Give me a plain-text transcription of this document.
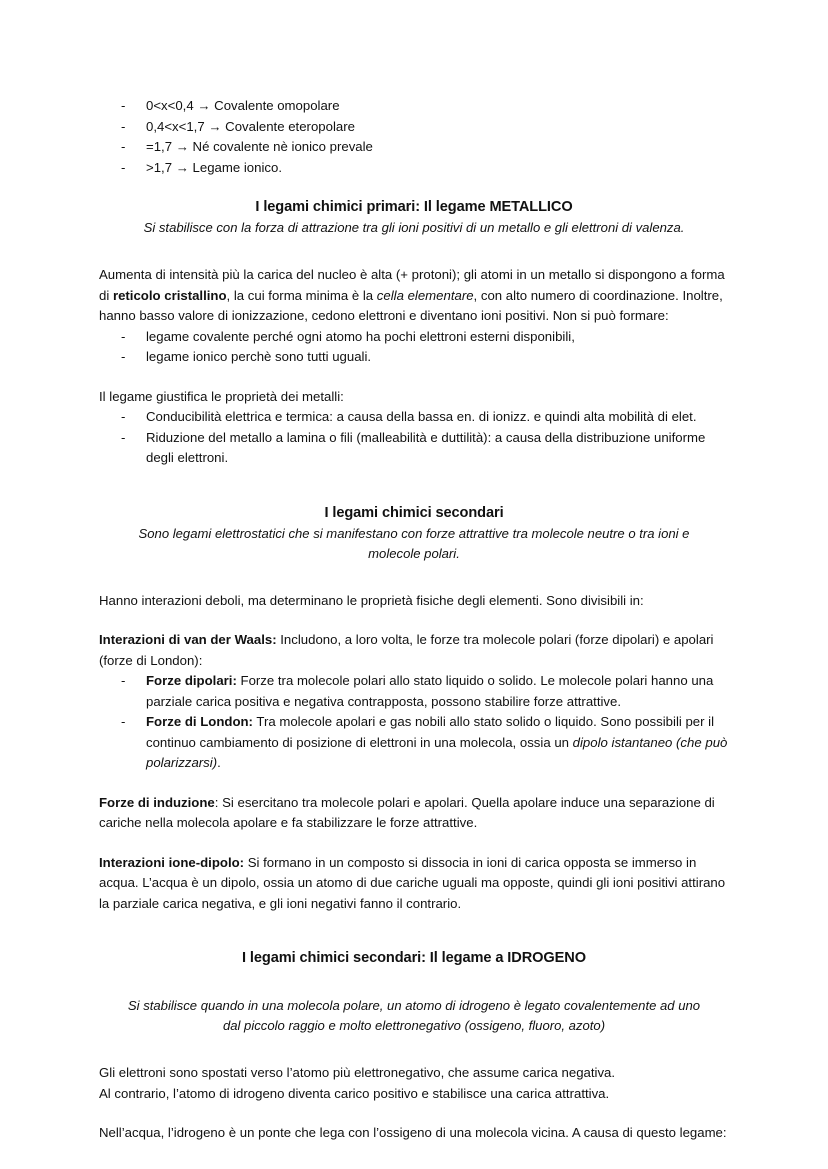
- 0<x<0,4 → Covalente omopolare
- 0,4<x<1,7 → Covalente eteropolare
- =1,7 → Né covalente nè ionico prevale
- >1,7 → Legame ionico.
I legami chimici primari: Il legame METALLICO

Si stabilisce con la forza di attrazione tra gli ioni positivi di un metallo e gli elettroni di valenza.

Aumenta di intensità più la carica del nucleo è alta (+ protoni); gli atomi in un metallo si dispongono a forma di reticolo cristallino, la cui forma minima è la cella elementare, con alto numero di coordinazione. Inoltre, hanno basso valore di ionizzazione, cedono elettroni e diventano ioni positivi. Non si può formare:

- legame covalente perché ogni atomo ha pochi elettroni esterni disponibili,
- legame ionico perchè sono tutti uguali.

Il legame giustifica le proprietà dei metalli:

- Conducibilità elettrica e termica: a causa della bassa en. di ionizz. e quindi alta mobilità di elet.
- Riduzione del metallo a lamina o fili (malleabilità e duttilità): a causa della distribuzione uniforme degli elettroni.
I legami chimici secondari

Sono legami elettrostatici che si manifestano con forze attrattive tra molecole neutre o tra ioni e molecole polari.

Hanno interazioni deboli, ma determinano le proprietà fisiche degli elementi. Sono divisibili in:

Interazioni di van der Waals: Includono, a loro volta, le forze tra molecole polari (forze dipolari) e apolari (forze di London):

- Forze dipolari: Forze tra molecole polari allo stato liquido o solido. Le molecole polari hanno una parziale carica positiva e negativa contrapposta, possono stabilire forze attrattive.
- Forze di London: Tra molecole apolari e gas nobili allo stato solido o liquido. Sono possibili per il continuo cambiamento di posizione di elettroni in una molecola, ossia un dipolo istantaneo (che può polarizzarsi).

Forze di induzione: Si esercitano tra molecole polari e apolari. Quella apolare induce una separazione di cariche nella molecola apolare e fa stabilizzare le forze attrattive.

Interazioni ione-dipolo: Si formano in un composto si dissocia in ioni di carica opposta se immerso in acqua. L’acqua è un dipolo, ossia un atomo di due cariche uguali ma opposte, quindi gli ioni positivi attirano la parziale carica negativa, e gli ioni negativi fanno il contrario.

I legami chimici secondari: Il legame a IDROGENO

Si stabilisce quando in una molecola polare, un atomo di idrogeno è legato covalentemente ad uno dal piccolo raggio e molto elettronegativo (ossigeno, fluoro, azoto)

Gli elettroni sono spostati verso l’atomo più elettronegativo, che assume carica negativa.

Al contrario, l’atomo di idrogeno diventa carico positivo e stabilisce una carica attrattiva.

Nell’acqua, l’idrogeno è un ponte che lega con l’ossigeno di una molecola vicina. A causa di questo legame:
